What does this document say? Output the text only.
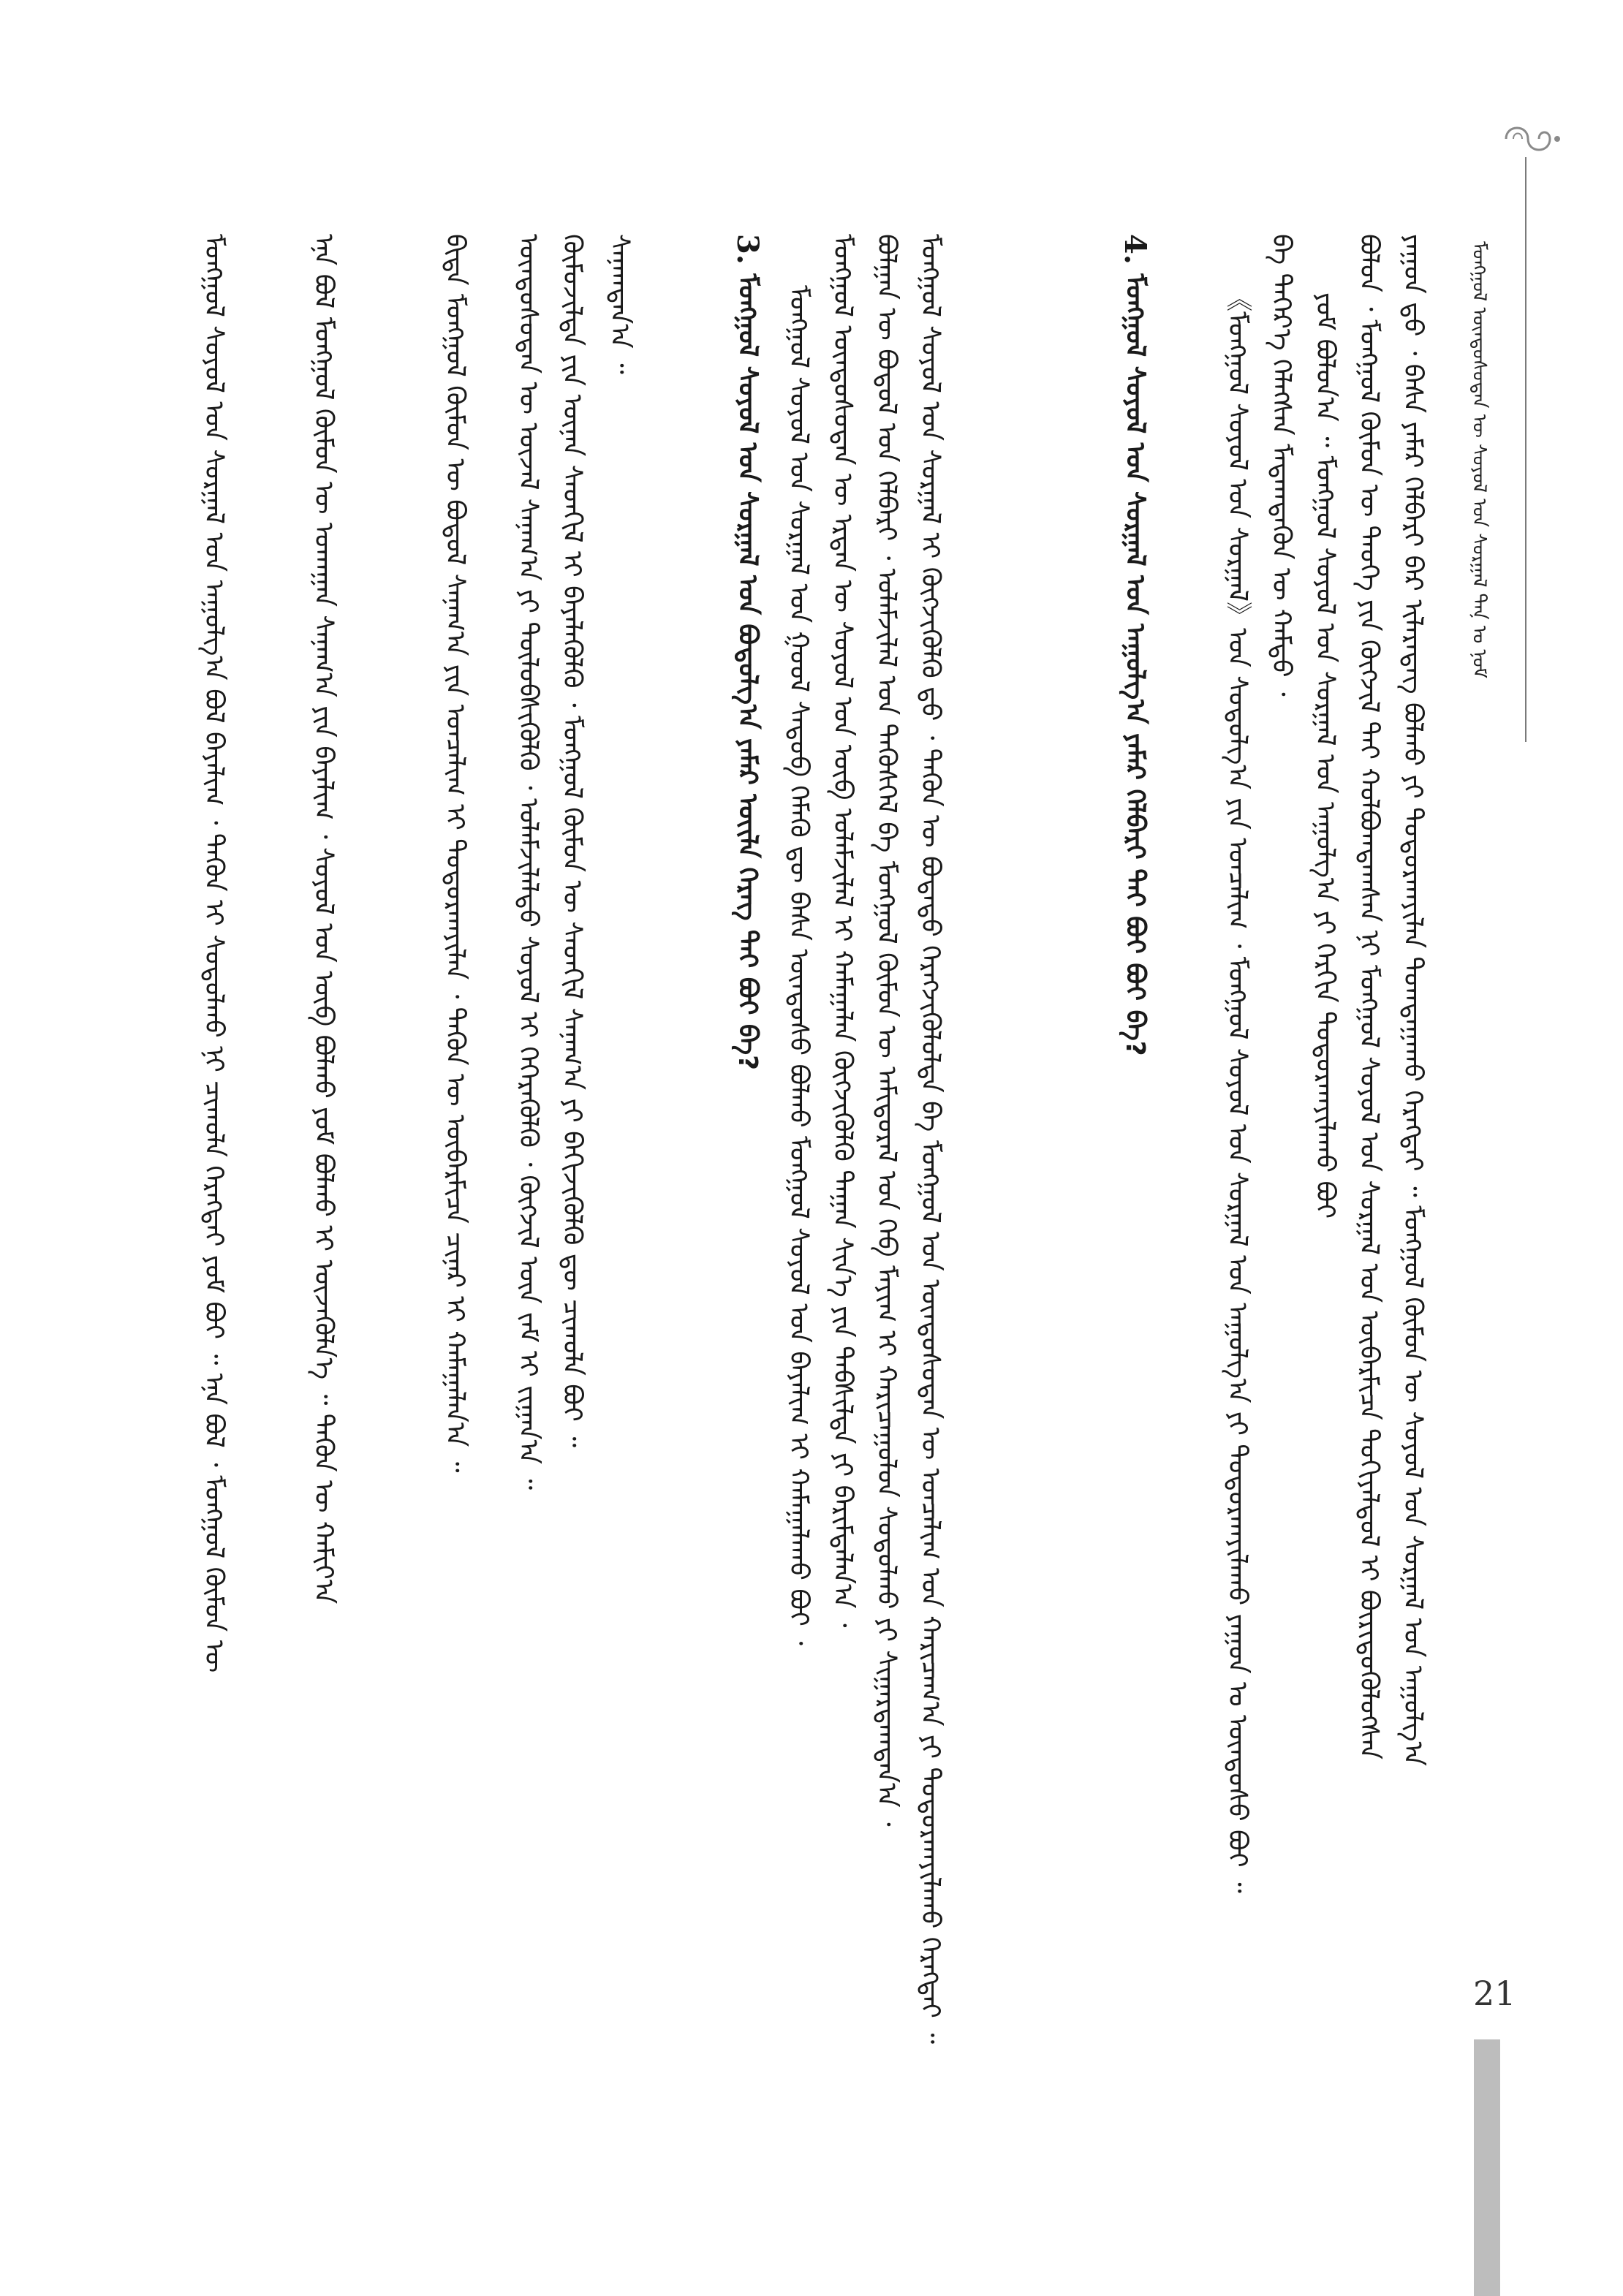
ᠮᠣᠩᠭᠣᠯ ᠦᠨᠳᠦᠰᠦᠲᠡᠨ ᠦ ᠰᠣᠶᠣᠯ ᠤᠨ ᠰᠣᠷᠭᠠᠯ ᠲᠠᠨ᠋ ᠤ ᠨᠣᠮ
ᠶᠠᠭᠤᠨ ᠳ᠋ᠤ ᠂ ᠪᠠᠰᠠ ᠶᠠᠮᠠᠷ ᠬᠡᠯᠪᠡᠷᠢ ᠪᠠᠷ ᠢᠯᠡᠷᠡᠳᠡᠭ ᠪᠣᠯᠬᠤ ᠶᠢ ᠲᠣᠳᠣᠷᠬᠠᠶᠢᠯᠠᠨ ᠲᠣᠭᠳᠠᠭᠠᠬᠤ ᠬᠡᠷᠡᠭᠲᠡᠢ ᠃ ᠮᠣᠩᠭᠣᠯ ᠬᠦᠮᠦᠨ ᠦ ᠰᠣᠶᠣᠯ ᠤᠨ ᠰᠤᠷᠭᠠᠯ ᠤᠨ ᠠᠭᠤᠯᠭ᠎ᠠ
ᠪᠣᠯᠤᠨ ᠂ ᠮᠣᠩᠭᠣᠯ ᠬᠦᠮᠦᠨ ᠦ ᠲᠡᠦᠬᠡ ᠶᠢᠨ ᠬᠥᠭᠵᠢᠯ ᠲᠡᠢ ᠬᠣᠯᠪᠣᠭᠳᠠᠭᠰᠠᠨ ᠨᠢ ᠮᠣᠩᠭᠣᠯ ᠰᠣᠶᠣᠯ ᠤᠨ ᠰᠤᠷᠭᠠᠯ ᠤᠨ ᠥᠪᠡᠷᠮᠢᠴᠡ ᠲᠣᠬᠢᠶᠠᠯᠳᠤᠯ ᠢ ᠪᠦᠷᠢᠳᠦᠭᠦᠯᠦᠭᠰᠡᠨ
ᠶᠤᠮ ᠪᠣᠯᠤᠨ᠎ᠠ ᠃ ᠮᠣᠩᠭᠣᠯ ᠰᠣᠶᠣᠯ ᠤᠨ ᠰᠤᠷᠭᠠᠯ ᠤᠨ ᠠᠭᠤᠯᠭ᠎ᠠ ᠶᠢ ᠬᠡᠷᠬᠢᠨ ᠲᠣᠳᠣᠷᠬᠠᠶᠢᠯᠠᠬᠤ ᠪᠤᠢ
ᠪᠡ ᠳᠡᠭᠡᠷ᠎ᠡ ᠬᠡᠯᠡᠭᠰᠡᠨ ᠮᠡᠳᠡᠭ᠍ᠳᠡᠬᠦᠨ ᠦ ᠬᠠᠮᠲᠤ ᠂
《ᠮᠣᠩᠭᠣᠯ ᠰᠣᠶᠣᠯ ᠤᠨ ᠰᠤᠷᠭᠠᠯ》ᠤᠨ ᠰᠤᠳᠤᠯᠭ᠎ᠠ ᠶᠢᠨ ᠣᠨᠴᠠᠯᠢᠭ ᠂ ᠮᠣᠩᠭᠣᠯ ᠰᠣᠶᠣᠯ ᠤᠨ ᠰᠤᠷᠭᠠᠯ ᠤᠨ ᠠᠭᠤᠯᠭ᠎ᠠ ᠶᠢ ᠲᠣᠳᠣᠷᠬᠠᠶᠢᠯᠠᠬᠤ ᠶᠠᠭᠤᠨ ᠤ ᠦᠨᠳᠦᠰᠦ ᠪᠤᠢ ᠃
4. ᠮᠣᠩᠭᠣᠯ ᠰᠣᠶᠣᠯ ᠤᠨ ᠰᠤᠷᠭᠠᠯ ᠤᠨ ᠠᠭᠤᠯᠭ᠎ᠠ ᠶᠠᠮᠠᠷ ᠬᠡᠯᠪᠡᠷᠢ ᠲᠡᠢ ᠪᠤᠢ ᠪᠤᠢ ᠪᠡ?
ᠮᠣᠩᠭᠣᠯ ᠰᠣᠶᠣᠯ ᠤᠨ ᠰᠤᠷᠭᠠᠯ ᠢ ᠬᠥᠭᠵᠢᠭᠦᠯᠬᠦ ᠳ᠋ᠤ ᠂ ᠲᠡᠭᠦᠨ ᠦ ᠪᠣᠳᠠᠲᠤ ᠬᠡᠷᠡᠭᠵᠢᠭᠦᠯᠦᠯᠲᠡ ᠪᠠ ᠮᠣᠩᠭᠣᠯ ᠤᠨ ᠦᠨᠳᠦᠰᠦᠲᠡᠨ ᠦ ᠣᠨᠴᠠᠯᠢᠭ ᠤᠨ ᠬᠠᠷᠢᠴᠠᠭ᠎ᠠ ᠶᠢ ᠲᠣᠳᠣᠷᠬᠠᠶᠢᠯᠠᠬᠤ ᠬᠡᠷᠡᠭᠲᠡᠢ ᠃
ᠪᠣᠯᠭᠠᠨ ᠦ ᠪᠣᠳᠣᠯ ᠤᠨ ᠬᠡᠯᠪᠡᠷᠢ ᠂ ᠤᠯᠠᠮᠵᠢᠯᠠᠯ ᠤᠨ ᠲᠡᠭᠦᠰᠬᠡᠯ ᠪᠠ ᠮᠣᠩᠭᠣᠯ ᠬᠦᠮᠦᠨ ᠦ ᠠᠮᠢᠳᠤᠷᠠᠯ ᠤᠨ ᠬᠡᠪ ᠮᠠᠶᠢᠭ ᠢ ᠬᠠᠷᠢᠴᠠᠭᠤᠯᠤᠨ ᠰᠤᠳᠤᠯᠬᠤ ᠶᠢ ᠰᠢᠭᠠᠷᠳᠠᠭᠳᠠᠨ᠎ᠠ ᠂
ᠮᠣᠩᠭᠣᠯ ᠦᠨᠳᠦᠰᠦᠲᠡᠨ ᠦ ᠡᠷᠲᠡᠨ ᠦ ᠰᠣᠶᠣᠯ ᠤᠨ ᠥᠪ ᠤᠯᠠᠮᠵᠢᠯᠠᠯ ᠢ ᠬᠠᠮᠠᠭᠠᠯᠠᠨ ᠬᠥᠭᠵᠢᠭᠦᠯᠬᠦ ᠳᠠᠭᠠᠨ ᠰᠢᠨ᠎ᠡ ᠶᠢᠨ ᠳᠡᠪᠰᠢᠯᠲᠡ ᠶᠢ ᠪᠠᠷᠢᠮᠲᠠᠯᠠᠨ᠎ᠠ ᠂
ᠮᠣᠩᠭᠣᠯ ᠰᠣᠶᠣᠯ ᠤᠨ ᠰᠤᠷᠭᠠᠯ ᠤᠨ ᠭᠣᠣᠯ ᠰᠡᠳᠦᠪ ᠬᠡᠮᠡᠬᠦ ᠳᠦ ᠪᠠᠰᠠ ᠦᠨᠳᠦᠰᠦ ᠪᠣᠯᠬᠤ ᠮᠣᠩᠭᠣᠯ ᠰᠣᠶᠣᠯ ᠤᠨ ᠪᠠᠶᠠᠯᠢᠭ ᠢ ᠬᠠᠮᠠᠭᠠᠯᠠᠬᠤ ᠪᠤᠢ ᠂
3. ᠮᠣᠩᠭᠣᠯ ᠰᠣᠶᠣᠯ ᠤᠨ ᠰᠤᠷᠭᠠᠯ ᠤᠨ ᠪᠣᠳᠣᠯᠭ᠎ᠠ ᠶᠠᠮᠠᠷ ᠦᠢᠯᠡ ᠬᠡᠷᠡᠭ ᠲᠡᠢ ᠪᠤᠢ ᠪᠡ?
ᠰᠠᠨᠠᠭᠳᠠᠨ᠎ᠠ ᠃
ᠬᠦᠮᠦᠵᠢᠯᠲᠡ ᠶᠢᠨ ᠦᠨᠡᠨ ᠰᠡᠳᠬᠢᠯ ᠢ ᠪᠡᠶᠡᠯᠡᠭᠦᠯᠬᠦ ᠂ ᠮᠣᠩᠭᠣᠯ ᠬᠦᠮᠦᠨ ᠦ ᠰᠡᠳᠬᠢᠯ ᠰᠠᠨᠠᠭ᠎ᠠ ᠶᠢ ᠪᠡᠬᠢᠵᠢᠭᠦᠯᠬᠦ ᠳᠦ ᠴᠢᠬᠤᠯᠠ ᠪᠤᠢ ᠃
ᠦᠨᠳᠦᠰᠦᠲᠡᠨ ᠦ ᠦᠵᠡᠯ ᠰᠠᠨᠠᠭ᠎ᠠ ᠶᠢ ᠲᠥᠯᠦᠪᠰᠢᠭᠦᠯᠬᠦ ᠂ ᠤᠯᠠᠮᠵᠢᠯᠠᠯᠲᠤ ᠰᠣᠶᠣᠯ ᠢ ᠭᠡᠭᠡᠷᠡᠭᠦᠯᠬᠦ ᠂ ᠬᠥᠭᠵᠢᠯ ᠦᠨ ᠵᠠᠮ ᠢ ᠵᠢᠭᠠᠨ᠎ᠠ ᠃
ᠪᠢᠳᠡ ᠮᠣᠩᠭᠣᠯ ᠬᠦᠮᠦᠨ ᠦ ᠪᠣᠳᠣᠯ ᠰᠠᠨᠠᠭ᠎ᠠ ᠶᠢᠨ ᠣᠨᠴᠠᠯᠢᠭ ᠢ ᠲᠣᠳᠣᠷᠬᠠᠶᠢᠯᠠᠨ ᠂ ᠲᠡᠭᠦᠨ ᠦ ᠥᠪᠡᠷᠮᠢᠴᠡ ᠴᠢᠨᠠᠷ ᠢ ᠬᠠᠮᠠᠭᠠᠯᠠᠨ᠎ᠠ ᠃
ᠡᠨᠡ ᠪᠣᠯ ᠮᠣᠩᠭᠣᠯ ᠬᠦᠮᠦᠨ ᠦ ᠤᠬᠠᠭᠠᠨ ᠰᠠᠨᠠᠭ᠎ᠠ ᠶᠢᠨ ᠪᠠᠶᠠᠯᠢᠭ ᠂ ᠰᠣᠶᠣᠯ ᠤᠨ ᠥᠪ ᠪᠣᠯᠬᠤ ᠶᠤᠮ ᠪᠣᠯᠬᠤ ᠢ ᠦᠵᠡᠭᠦᠯᠨ᠎ᠡ ᠃ ᠲᠡᠭᠦᠨ ᠦ ᠬᠠᠮᠢᠶ᠎ᠠ
ᠮᠣᠩᠭᠣᠯ ᠰᠣᠶᠣᠯ ᠤᠨ ᠰᠤᠷᠭᠠᠯ ᠤᠨ ᠠᠭᠤᠯᠭ᠎ᠠ ᠪᠣᠯ ᠪᠠᠶᠠᠯᠢᠭ ᠂ ᠲᠡᠭᠦᠨ ᠢ ᠰᠤᠳᠤᠯᠬᠤ ᠨᠢ ᠴᠢᠬᠤᠯᠠ ᠬᠡᠷᠡᠭᠲᠡᠢ ᠶᠤᠮ ᠪᠤᠢ ᠃ ᠡᠨᠡ ᠪᠣᠯ ᠂ ᠮᠣᠩᠭᠣᠯ ᠬᠦᠮᠦᠨ ᠦ
21
